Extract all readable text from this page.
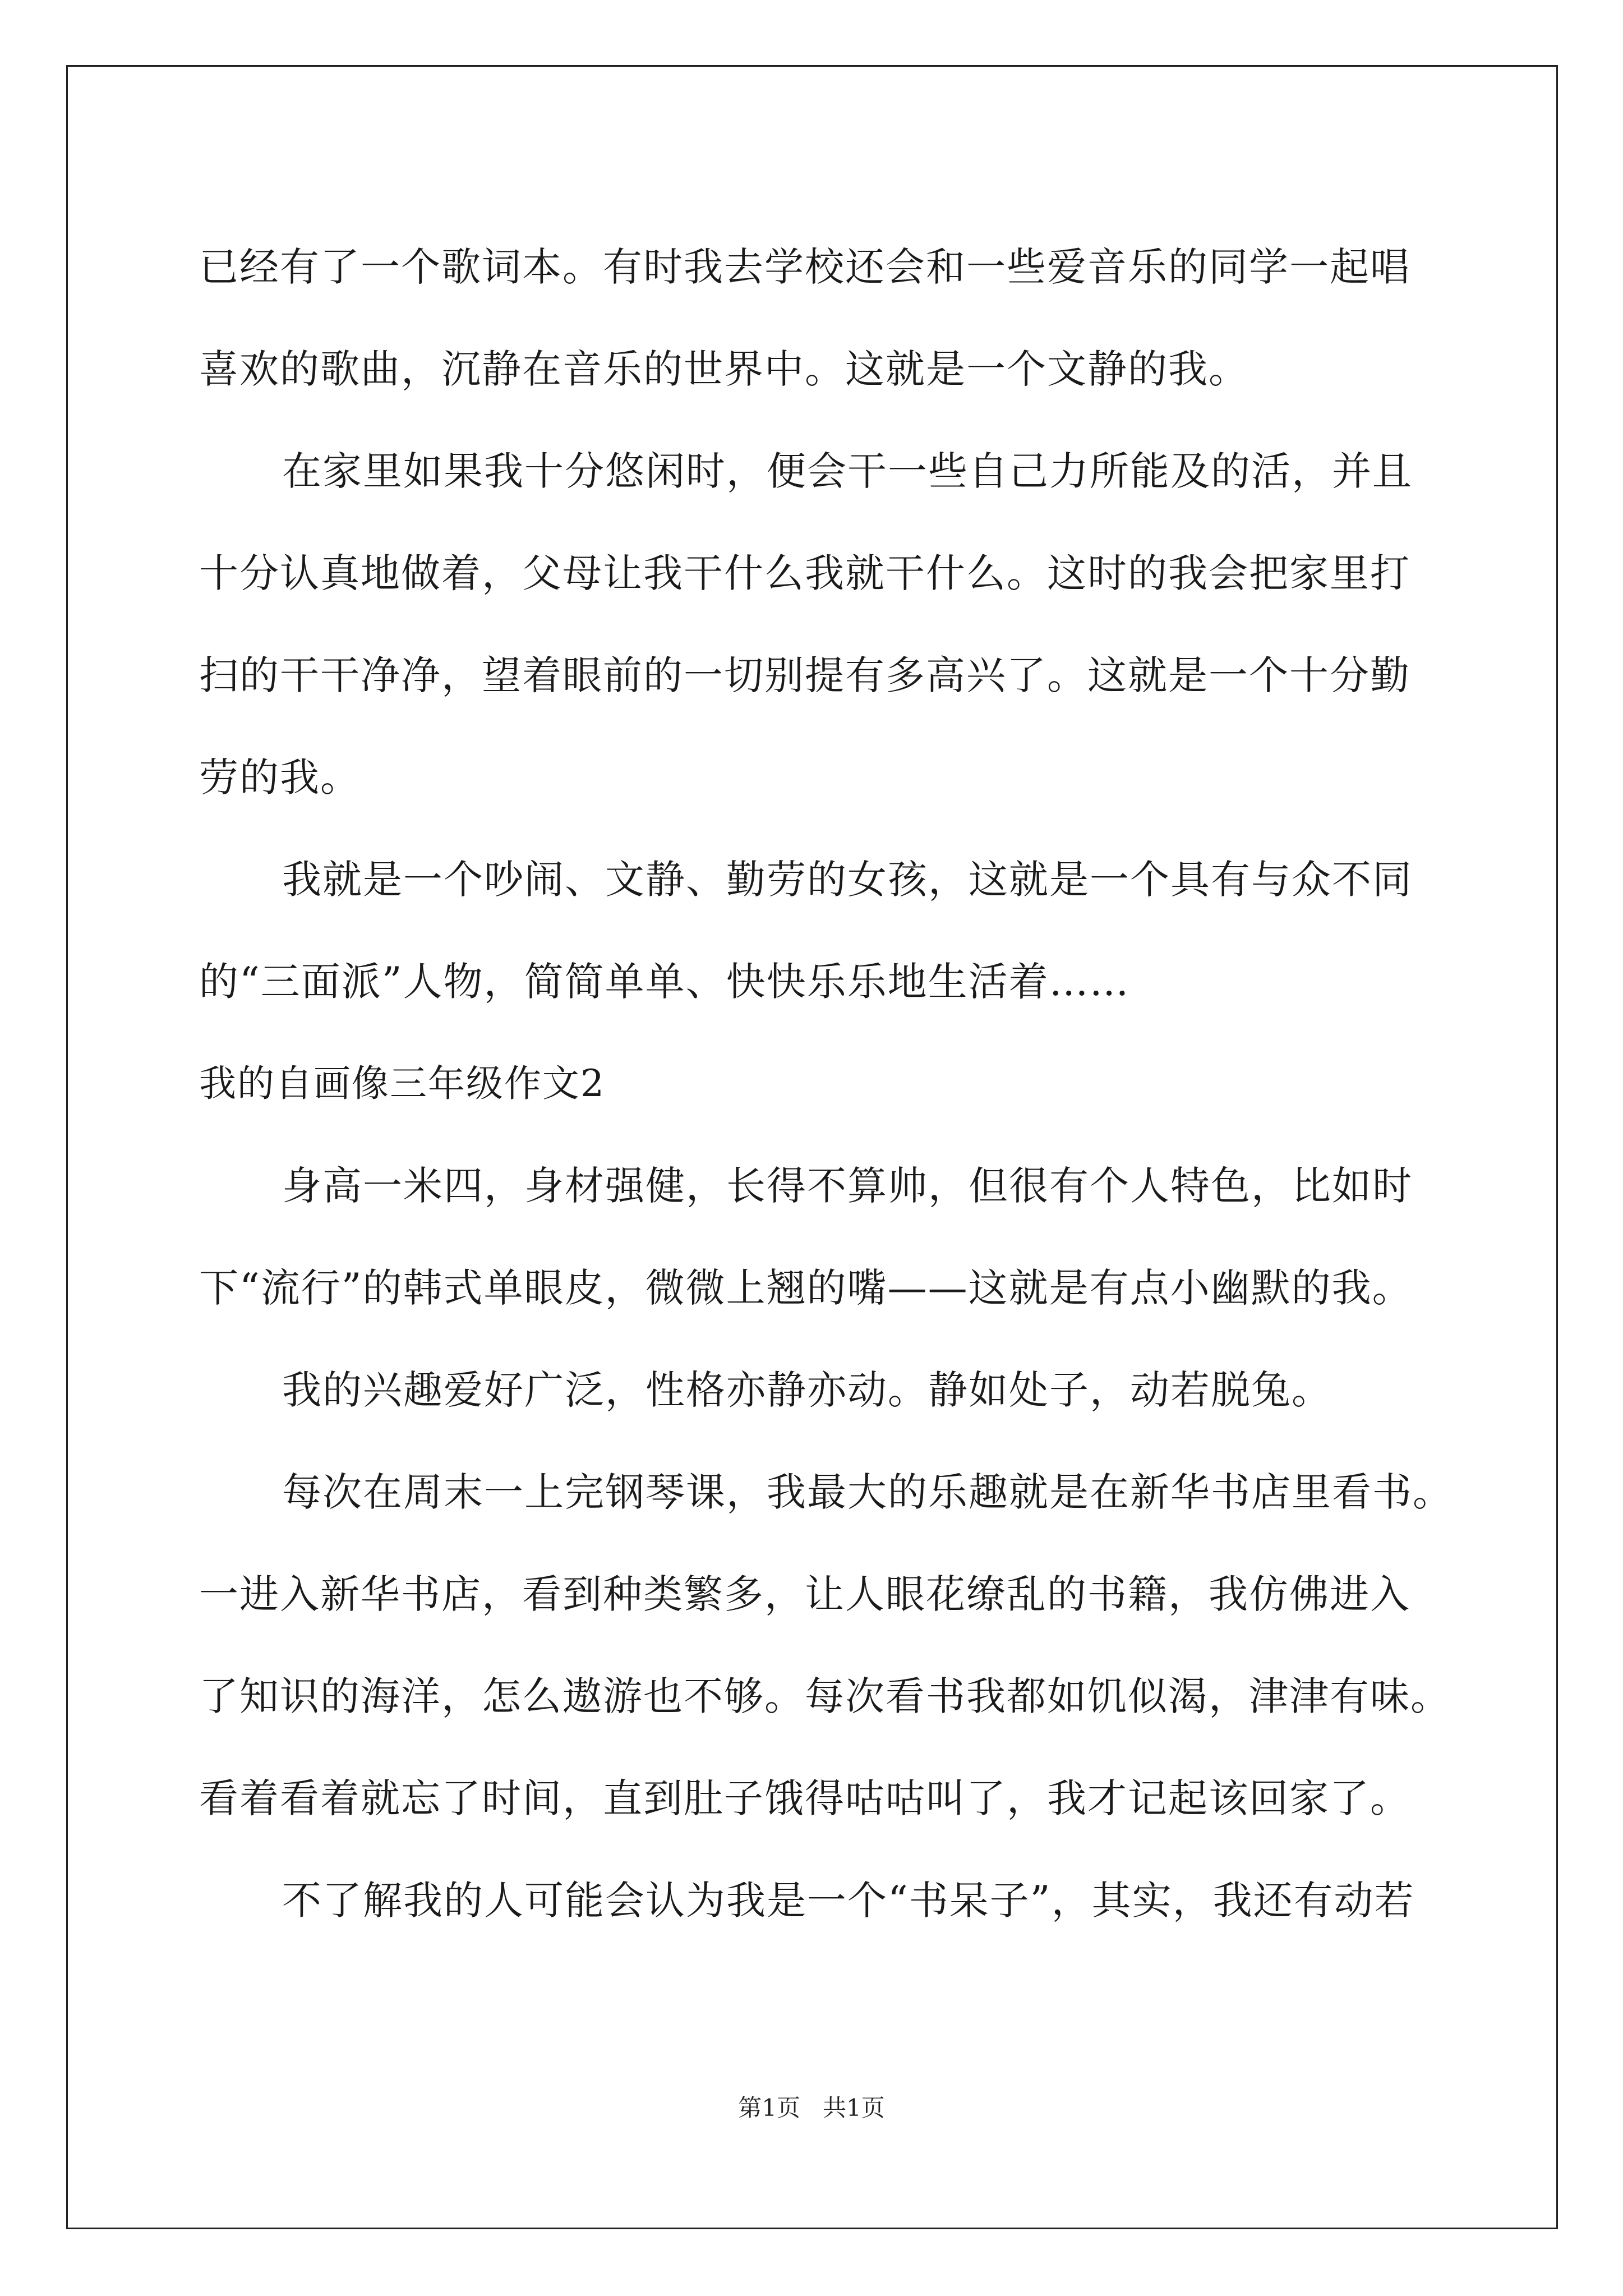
已经有了一个歌词本。有时我去学校还会和一些爱音乐的同学一起唱
喜欢的歌曲，沉静在音乐的世界中。这就是一个文静的我。
在家里如果我十分悠闲时，便会干一些自己力所能及的活，并且
十分认真地做着，父母让我干什么我就干什么。这时的我会把家里打
扫的干干净净，望着眼前的一切别提有多高兴了。这就是一个十分勤
劳的我。
我就是一个吵闹、文静、勤劳的女孩，这就是一个具有与众不同
的“三面派”人物，简简单单、快快乐乐地生活着……
我的自画像三年级作文2
身高一米四，身材强健，长得不算帅，但很有个人特色，比如时
下“流行”的韩式单眼皮，微微上翘的嘴——这就是有点小幽默的我。
我的兴趣爱好广泛，性格亦静亦动。静如处子，动若脱兔。
每次在周末一上完钢琴课，我最大的乐趣就是在新华书店里看书。
一进入新华书店，看到种类繁多，让人眼花缭乱的书籍，我仿佛进入
了知识的海洋，怎么遨游也不够。每次看书我都如饥似渴，津津有味。
看着看着就忘了时间，直到肚子饿得咕咕叫了，我才记起该回家了。
不了解我的人可能会认为我是一个“书呆子”，其实，我还有动若
第1页   共1页
